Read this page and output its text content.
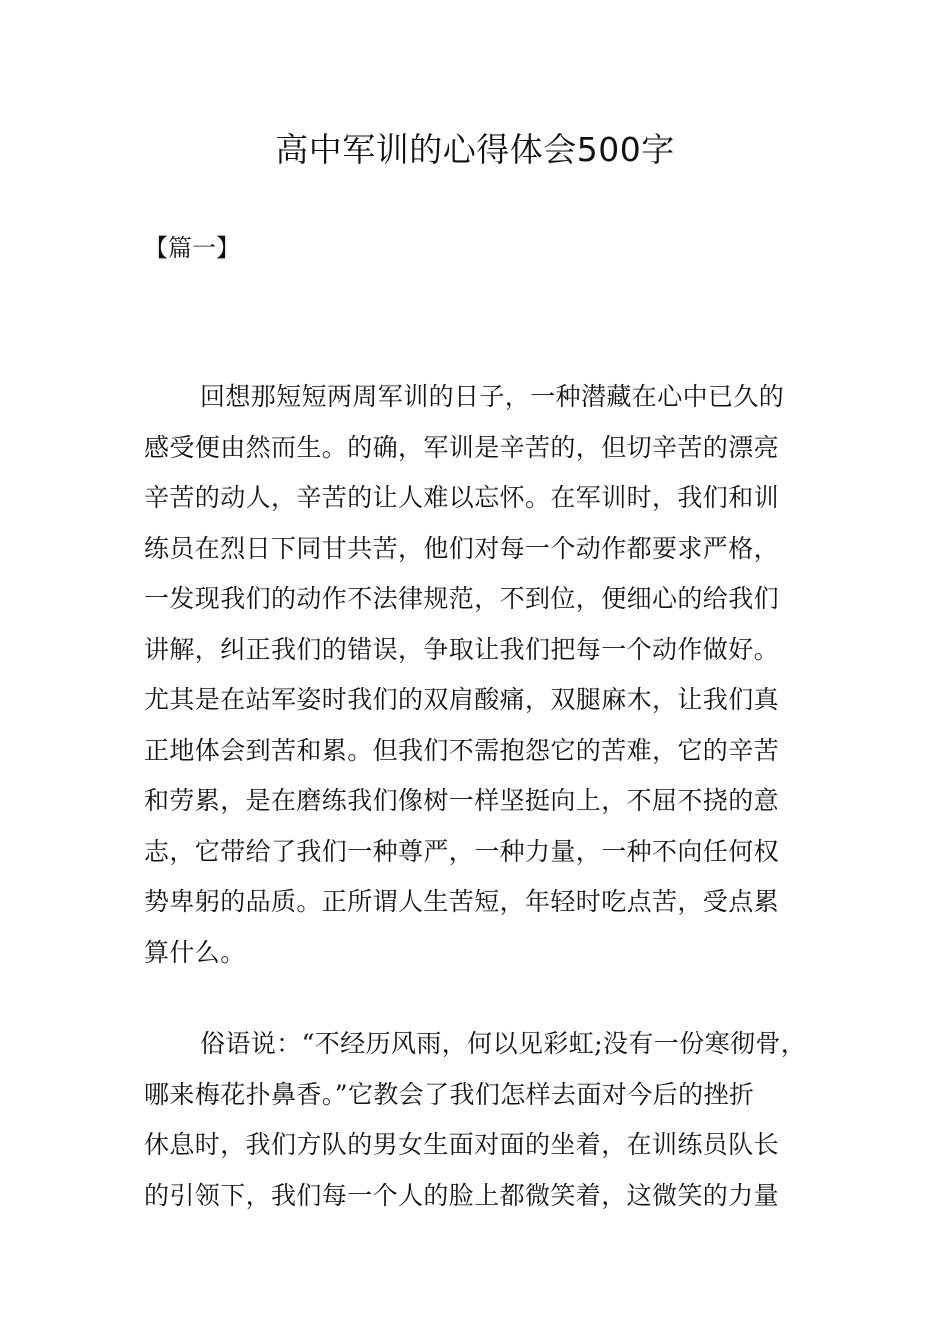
高中军训的心得体会500字

【篇一】

回想那短短两周军训的日子，一种潜藏在心中已久的
感受便由然而生。的确，军训是辛苦的，但切辛苦的漂亮
辛苦的动人，辛苦的让人难以忘怀。在军训时，我们和训
练员在烈日下同甘共苦，他们对每一个动作都要求严格，
一发现我们的动作不法律规范，不到位，便细心的给我们
讲解，纠正我们的错误，争取让我们把每一个动作做好。
尤其是在站军姿时我们的双肩酸痛，双腿麻木，让我们真
正地体会到苦和累。但我们不需抱怨它的苦难，它的辛苦
和劳累，是在磨练我们像树一样坚挺向上，不屈不挠的意
志，它带给了我们一种尊严，一种力量，一种不向任何权
势卑躬的品质。正所谓人生苦短，年轻时吃点苦，受点累
算什么。

俗语说：“不经历风雨，何以见彩虹;没有一份寒彻骨，
哪来梅花扑鼻香。”它教会了我们怎样去面对今后的挫折
休息时，我们方队的男女生面对面的坐着，在训练员队长
的引领下，我们每一个人的脸上都微笑着，这微笑的力量
